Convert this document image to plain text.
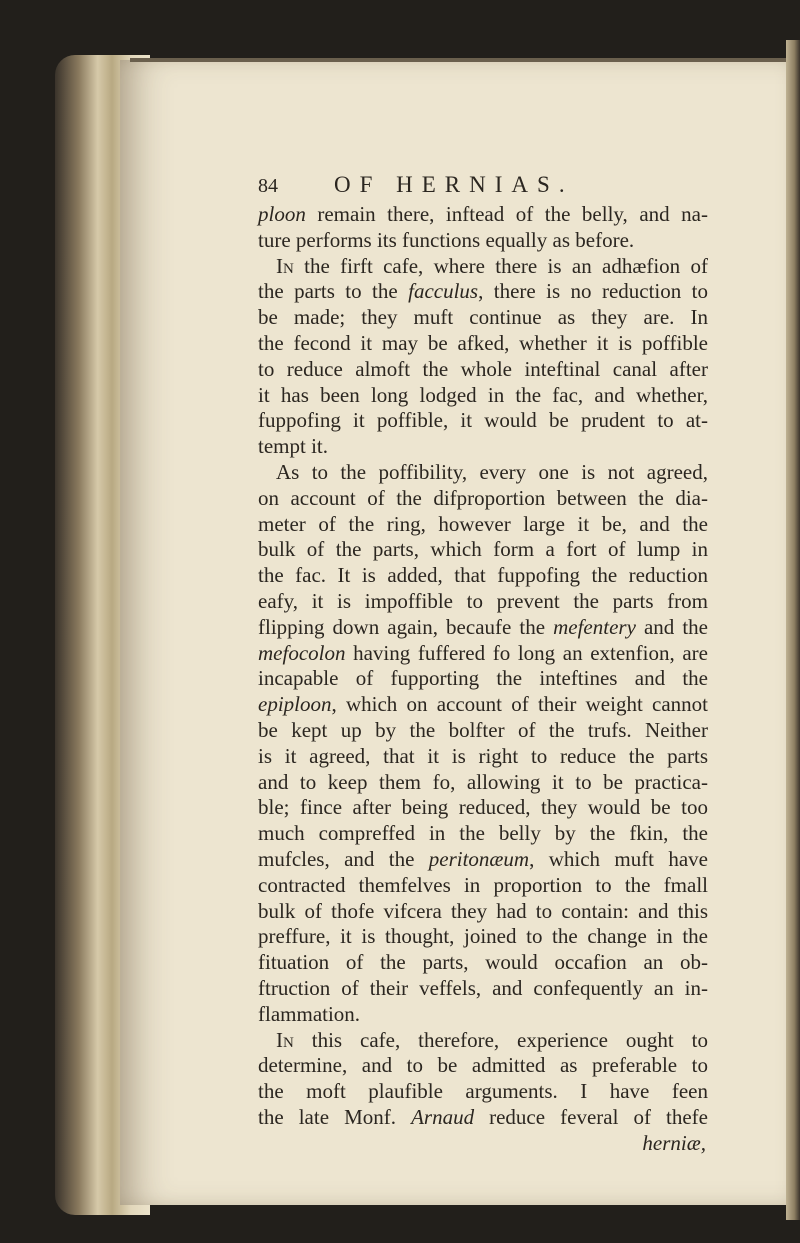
84	OF HERNIAS.
ploon remain there, inftead of the belly, and na-
ture performs its functions equally as before.
In the firft cafe, where there is an adhæfion of
the parts to the facculus, there is no reduction to
be made; they muft continue as they are. In
the fecond it may be afked, whether it is poffible
to reduce almoft the whole inteftinal canal after
it has been long lodged in the fac, and whether,
fuppofing it poffible, it would be prudent to at-
tempt it.
As to the poffibility, every one is not agreed,
on account of the difproportion between the dia-
meter of the ring, however large it be, and the
bulk of the parts, which form a fort of lump in
the fac. It is added, that fuppofing the reduction
eafy, it is impoffible to prevent the parts from
flipping down again, becaufe the mefentery and the
mefocolon having fuffered fo long an extenfion, are
incapable of fupporting the inteftines and the
epiploon, which on account of their weight cannot
be kept up by the bolfter of the trufs. Neither
is it agreed, that it is right to reduce the parts
and to keep them fo, allowing it to be practica-
ble; fince after being reduced, they would be too
much compreffed in the belly by the fkin, the
mufcles, and the peritonæum, which muft have
contracted themfelves in proportion to the fmall
bulk of thofe vifcera they had to contain: and this
preffure, it is thought, joined to the change in the
fituation of the parts, would occafion an ob-
ftruction of their veffels, and confequently an in-
flammation.
In this cafe, therefore, experience ought to
determine, and to be admitted as preferable to
the moft plaufible arguments. I have feen
the late Monf. Arnaud reduce feveral of thefe
herniæ,
